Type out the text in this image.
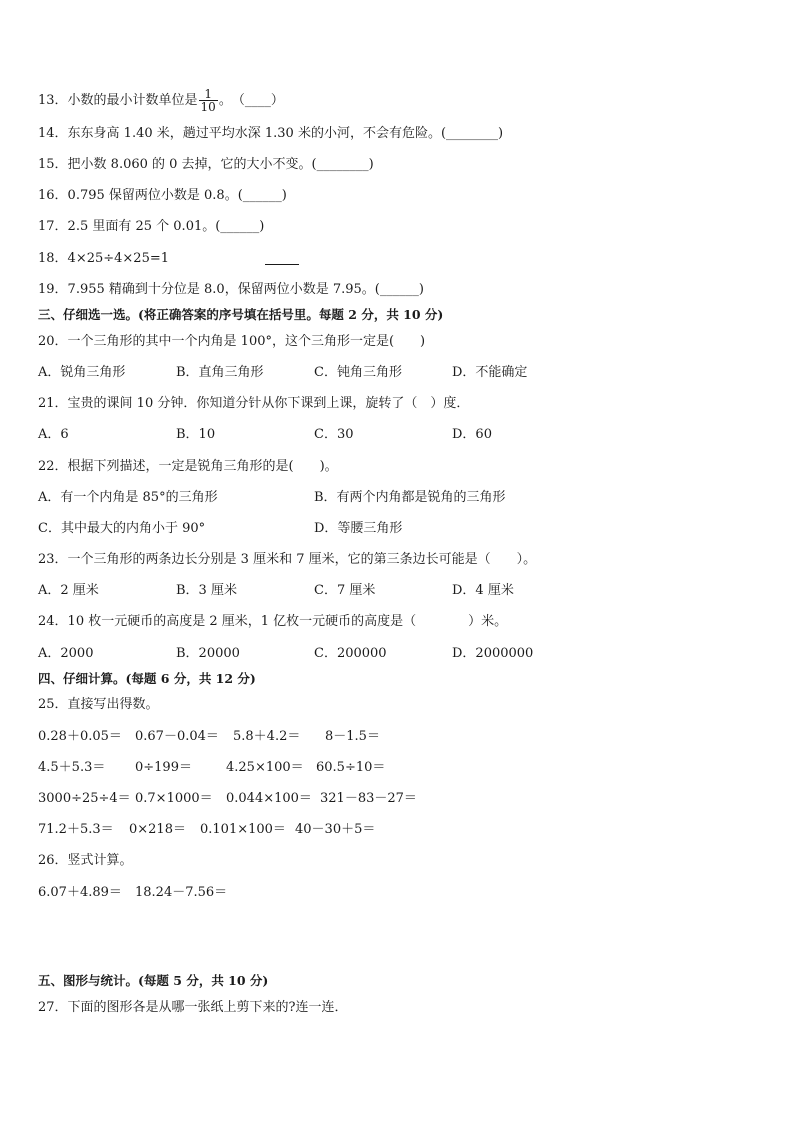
13．小数的最小计数单位是 $\frac{1}{10}$ 。　（____）
14．东东身高 1.40 米，趟过平均水深 1.30 米的小河，不会有危险。(________)
15．把小数 8.060 的 0 去掉，它的大小不变。(________)
16．0.795 保留两位小数是 0.8。(______)
17．2.5 里面有 25 个 0.01。(______)
18．4×25÷4×25=1
19．7.955 精确到十分位是 8.0，保留两位小数是 7.95。(______)
三、仔细选一选。(将正确答案的序号填在括号里。每题 2 分，共 10 分)
20．一个三角形的其中一个内角是 100°，这个三角形一定是(　　)
A．锐角三角形	B．直角三角形	C．钝角三角形	D．不能确定
21．宝贵的课间 10 分钟．你知道分针从你下课到上课，旋转了（　）度．
A．6	B．10	C．30	D．60
22．根据下列描述，一定是锐角三角形的是(　　)。
A．有一个内角是 85°的三角形	B．有两个内角都是锐角的三角形
C．其中最大的内角小于 90°	D．等腰三角形
23．一个三角形的两条边长分别是 3 厘米和 7 厘米，它的第三条边长可能是（　　）。
A．2 厘米	B．3 厘米	C．7 厘米	D．4 厘米
24．10 枚一元硬币的高度是 2 厘米，1 亿枚一元硬币的高度是（　　　　）米。
A．2000	B．20000	C．200000	D．2000000
四、仔细计算。(每题 6 分，共 12 分)
25．直接写出得数。
0.28＋0.05＝ 0.67－0.04＝ 5.8＋4.2＝ 8－1.5＝
4.5＋5.3＝ 0÷199＝	4.25×100＝ 60.5÷10＝
3000÷25÷4＝ 0.7×1000＝ 0.044×100＝ 321－83－27＝
71.2＋5.3＝ 0×218＝ 0.101×100＝ 40－30＋5＝
26．竖式计算。
6.07＋4.89＝ 18.24－7.56＝
五、图形与统计。(每题 5 分，共 10 分)
27．下面的图形各是从哪一张纸上剪下来的?连一连．
